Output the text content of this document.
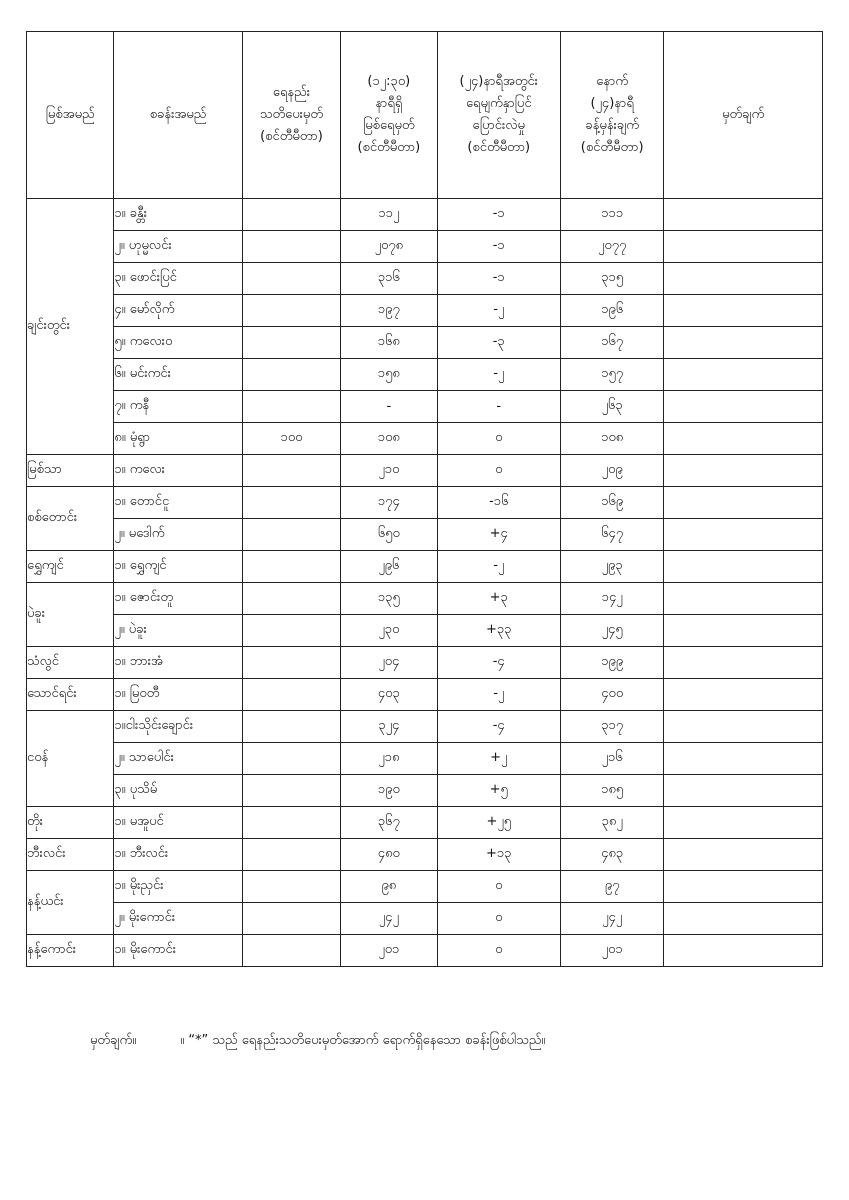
မြစ်အမည်	စခန်းအမည်	ရေနည်း
သတိပေးမှတ်
(စင်တီမီတာ)	(၁၂:၃၀)
နာရီရှိ
မြစ်ရေမှတ်
(စင်တီမီတာ)	(၂၄)နာရီအတွင်း
ရေမျက်နှာပြင်
ပြောင်းလဲမှု
(စင်တီမီတာ)	နောက်
(၂၄)နာရီ
ခန့်မှန်းချက်
(စင်တီမီတာ)	မှတ်ချက်
ချင်းတွင်း	၁။ ခန္တီး		၁၁၂	-၁	၁၁၁	
	၂။ ဟုမ္မလင်း		၂၀၇၈	-၁	၂၀၇၇	
	၃။ ဖောင်းပြင်		၃၁၆	-၁	၃၁၅	
	၄။ မော်လိုက်		၁၉၇	-၂	၁၉၆	
	၅။ ကလေးဝ		၁၆၈	-၃	၁၆၇	
	၆။ မင်းကင်း		၁၅၈	-၂	၁၅၇	
	၇။ ကနီ		-	-	၂၆၃	
	၈။ မုံရွာ	၁၀၀	၁၀၈	၀	၁၀၈	
မြစ်သာ	၁။ ကလေး		၂၁၀	၀	၂၀၉	
စစ်တောင်း	၁။ တောင်ငူ		၁၇၄	-၁၆	၁၆၉	
	၂။ မဒေါက်		၆၅၀	+၄	၆၄၇	
ရွှေကျင်	၁။ ရွှေကျင်		၂၉၆	-၂	၂၉၃	
ပဲခူး	၁။ ဇောင်းတူ		၁၃၅	+၃	၁၄၂	
	၂။ ပဲခူး		၂၃၀	+၃၃	၂၄၅	
သံလွင်	၁။ ဘားအံ		၂၀၄	-၄	၁၉၉	
သောင်ရင်း	၁။ မြဝတီ		၄၀၃	-၂	၄၀၀	
ငဝန်	၁။ငါးသိုင်းချောင်း		၃၂၄	-၄	၃၁၇	
	၂။ သာပေါင်း		၂၁၈	+၂	၂၁၆	
	၃။ ပုသိမ်		၁၉၀	+၅	၁၈၅	
တိုး	၁။ မအူပင်		၃၆၇	+၂၅	၃၈၂	
ဘီးလင်း	၁။ ဘီးလင်း		၄၈၀	+၁၃	၄၈၃	
နန့်ယင်း	၁။ မိုးညှင်း		၉၈	၀	၉၇	
	၂။ မိုးကောင်း		၂၄၂	၀	၂၄၂	
နန့်ကောင်း	၁။ မိုးကောင်း		၂၀၁	၀	၂၀၁	
မှတ်ချက်။	။ “*” သည် ရေနည်းသတိပေးမှတ်အောက် ရောက်ရှိနေသော စခန်းဖြစ်ပါသည်။
